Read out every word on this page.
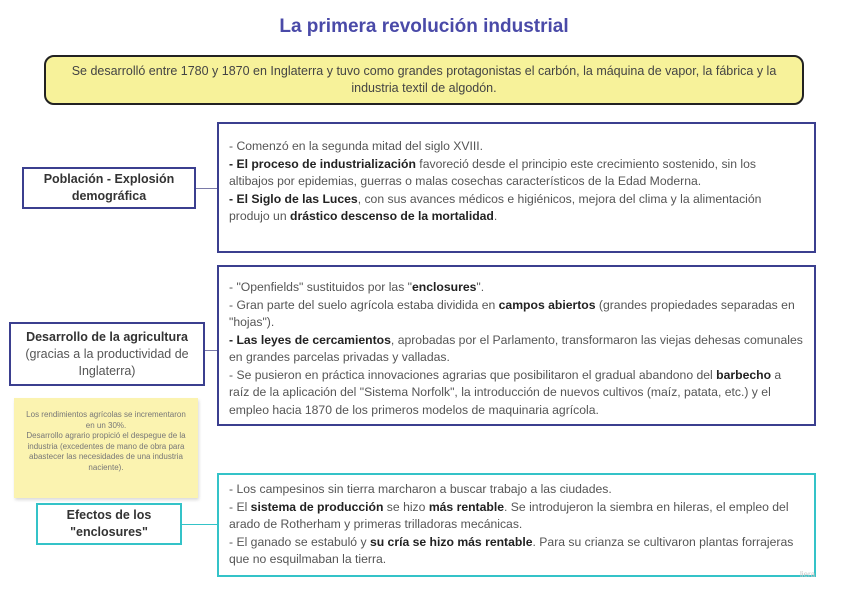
La primera revolución industrial
Se desarrolló entre 1780 y 1870 en Inglaterra y tuvo como grandes protagonistas el carbón, la máquina de vapor, la fábrica y la industria textil de algodón.
Población - Explosión demográfica

- Comenzó en la segunda mitad del siglo XVIII.

- El proceso de industrialización favoreció desde el principio este crecimiento sostenido, sin los altibajos por epidemias, guerras o malas cosechas característicos de la Edad Moderna.

- El Siglo de las Luces, con sus avances médicos e higiénicos, mejora del clima y la alimentación produjo un drástico descenso de la mortalidad.

Desarrollo de la agricultura
(gracias a la productividad de Inglaterra)

- "Openfields" sustituidos por las "enclosures".

- Gran parte del suelo agrícola estaba dividida en campos abiertos (grandes propiedades separadas en "hojas").

- Las leyes de cercamientos, aprobadas por el Parlamento, transformaron las viejas dehesas comunales en grandes parcelas privadas y valladas.

- Se pusieron en práctica innovaciones agrarias que posibilitaron el gradual abandono del barbecho a raíz de la aplicación del "Sistema Norfolk", la introducción de nuevos cultivos (maíz, patata, etc.) y el empleo hacia 1870 de los primeros modelos de maquinaria agrícola.

Los rendimientos agrícolas se incrementaron en un 30%.
Desarrollo agrario propició el despegue de la industria (excedentes de mano de obra para abastecer las necesidades de una industria naciente).
Efectos de los "enclosures"

- Los campesinos sin tierra marcharon a buscar trabajo a las ciudades.

- El sistema de producción se hizo más rentable. Se introdujeron la siembra en hileras, el empleo del arado de Rotherham y primeras trilladoras mecánicas.

- El ganado se estabuló y su cría se hizo más rentable. Para su crianza se cultivaron plantas forrajeras que no esquilmaban la tierra.

liera
